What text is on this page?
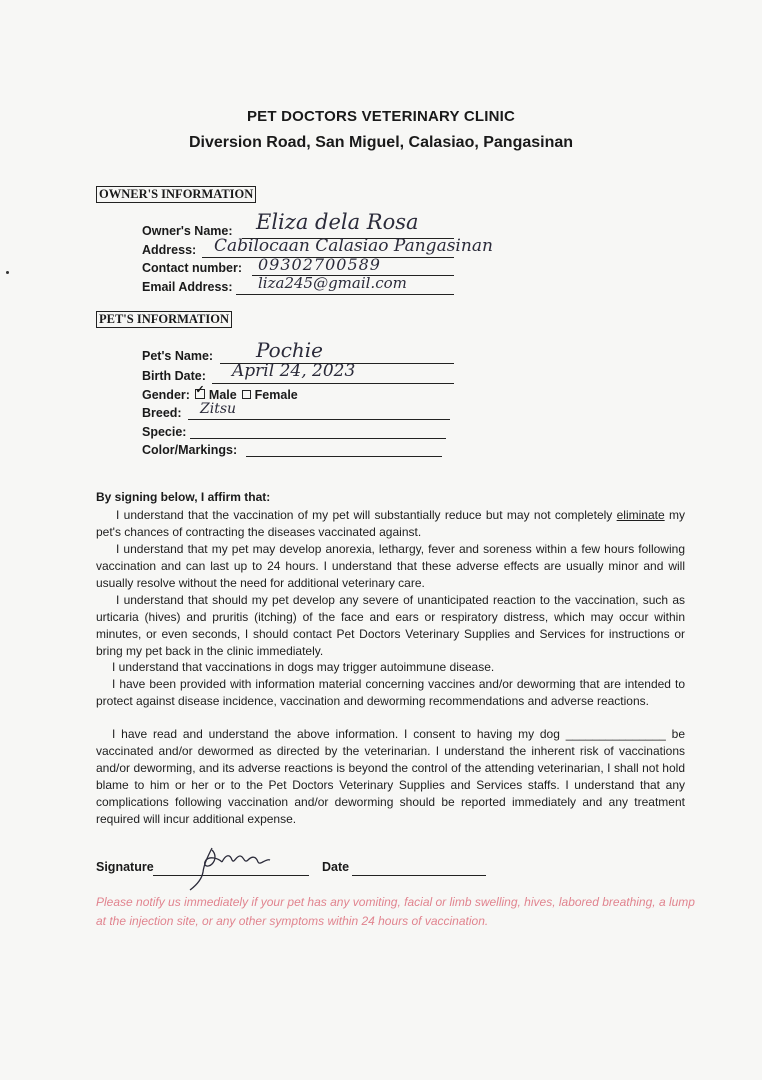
PET DOCTORS VETERINARY CLINIC
Diversion Road, San Miguel, Calasiao, Pangasinan
OWNER'S INFORMATION
Owner's Name: Eliza dela Rosa
Address: Cabilocaan Calasiao Pangasinan
Contact number: 09302700589
Email Address: liza245@gmail.com
PET'S INFORMATION
Pet's Name: Pochie
Birth Date: April 24, 2023
Gender: ✓ Male Female
Breed: Zitsu
Specie:
Color/Markings:
By signing below, I affirm that:
I understand that the vaccination of my pet will substantially reduce but may not completely eliminate my pet's chances of contracting the diseases vaccinated against.
I understand that my pet may develop anorexia, lethargy, fever and soreness within a few hours following vaccination and can last up to 24 hours. I understand that these adverse effects are usually minor and will usually resolve without the need for additional veterinary care.
I understand that should my pet develop any severe of unanticipated reaction to the vaccination, such as urticaria (hives) and pruritis (itching) of the face and ears or respiratory distress, which may occur within minutes, or even seconds, I should contact Pet Doctors Veterinary Supplies and Services for instructions or bring my pet back in the clinic immediately.
I understand that vaccinations in dogs may trigger autoimmune disease.
I have been provided with information material concerning vaccines and/or deworming that are intended to protect against disease incidence, vaccination and deworming recommendations and adverse reactions.
I have read and understand the above information. I consent to having my dog _______________ be vaccinated and/or dewormed as directed by the veterinarian. I understand the inherent risk of vaccinations and/or deworming, and its adverse reactions is beyond the control of the attending veterinarian, I shall not hold blame to him or her or to the Pet Doctors Veterinary Supplies and Services staffs. I understand that any complications following vaccination and/or deworming should be reported immediately and any treatment required will incur additional expense.
Signature	Date
Please notify us immediately if your pet has any vomiting, facial or limb swelling, hives, labored breathing, a lump at the injection site, or any other symptoms within 24 hours of vaccination.
